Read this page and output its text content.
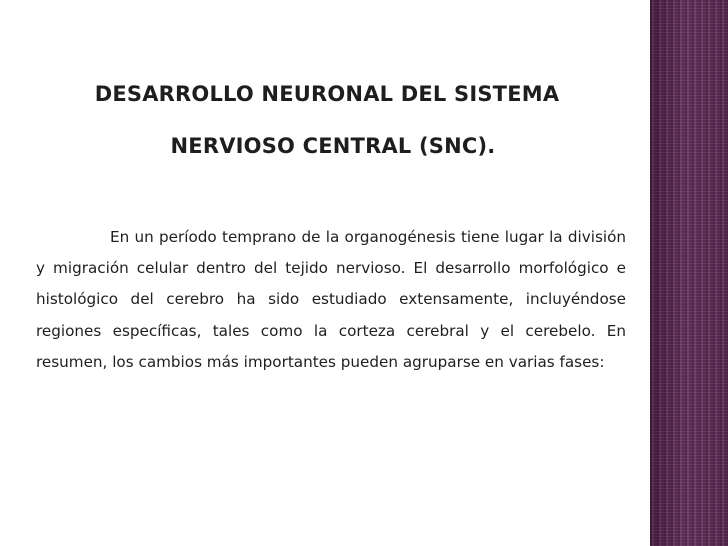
DESARROLLO NEURONAL DEL SISTEMA
NERVIOSO CENTRAL (SNC).
En un período temprano de la organogénesis tiene lugar la división y migración celular dentro del tejido nervioso. El desarrollo morfológico e histológico del cerebro ha sido estudiado extensamente, incluyéndose regiones específicas, tales como la corteza cerebral y el cerebelo. En resumen, los cambios más importantes pueden agruparse en varias fases:
